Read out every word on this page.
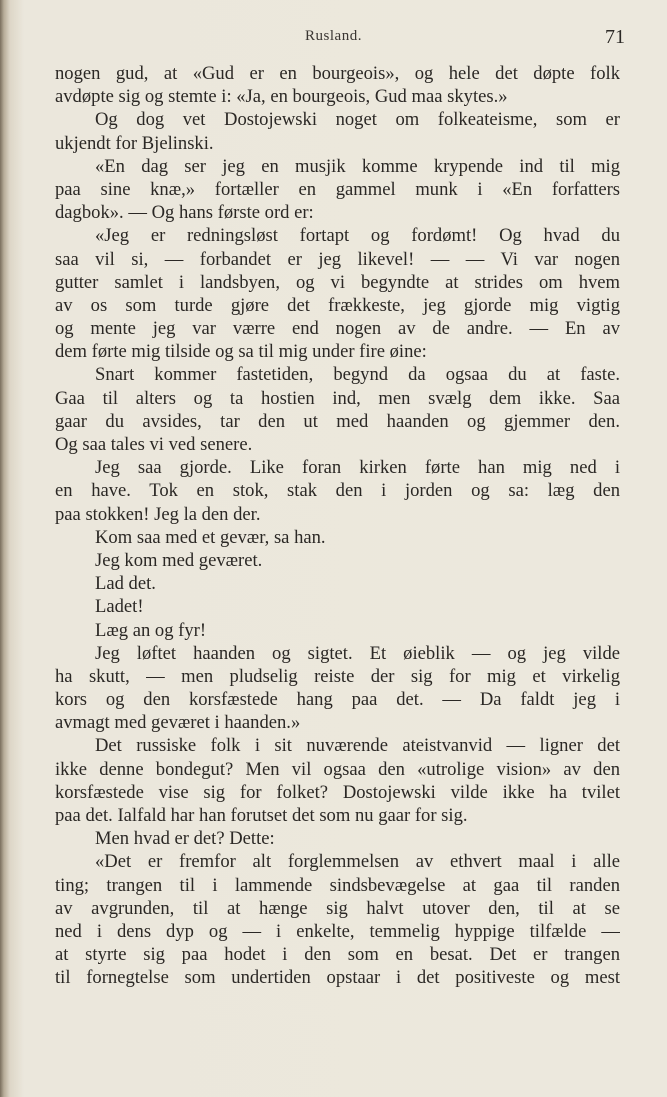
Rusland.	71
nogen gud, at «Gud er en bourgeois», og hele det døpte folk
avdøpte sig og stemte i: «Ja, en bourgeois, Gud maa skytes.»
Og dog vet Dostojewski noget om folkeateisme, som er
ukjendt for Bjelinski.
«En dag ser jeg en musjik komme krypende ind til mig
paa sine knæ,» fortæller en gammel munk i «En forfatters
dagbok». — Og hans første ord er:
«Jeg er redningsløst fortapt og fordømt! Og hvad du
saa vil si, — forbandet er jeg likevel! — — Vi var nogen
gutter samlet i landsbyen, og vi begyndte at strides om hvem
av os som turde gjøre det frækkeste, jeg gjorde mig vigtig
og mente jeg var værre end nogen av de andre. — En av
dem førte mig tilside og sa til mig under fire øine:
Snart kommer fastetiden, begynd da ogsaa du at faste.
Gaa til alters og ta hostien ind, men svælg dem ikke. Saa
gaar du avsides, tar den ut med haanden og gjemmer den.
Og saa tales vi ved senere.
Jeg saa gjorde. Like foran kirken førte han mig ned i
en have. Tok en stok, stak den i jorden og sa: læg den
paa stokken! Jeg la den der.
Kom saa med et gevær, sa han.
Jeg kom med geværet.
Lad det.
Ladet!
Læg an og fyr!
Jeg løftet haanden og sigtet. Et øieblik — og jeg vilde
ha skutt, — men pludselig reiste der sig for mig et virkelig
kors og den korsfæstede hang paa det. — Da faldt jeg i
avmagt med geværet i haanden.»
Det russiske folk i sit nuværende ateistvanvid — ligner det
ikke denne bondegut? Men vil ogsaa den «utrolige vision» av den
korsfæstede vise sig for folket? Dostojewski vilde ikke ha tvilet
paa det. Ialfald har han forutset det som nu gaar for sig.
Men hvad er det? Dette:
«Det er fremfor alt forglemmelsen av ethvert maal i alle
ting; trangen til i lammende sindsbevægelse at gaa til randen
av avgrunden, til at hænge sig halvt utover den, til at se
ned i dens dyp og — i enkelte, temmelig hyppige tilfælde —
at styrte sig paa hodet i den som en besat. Det er trangen
til fornegtelse som undertiden opstaar i det positiveste og mest
